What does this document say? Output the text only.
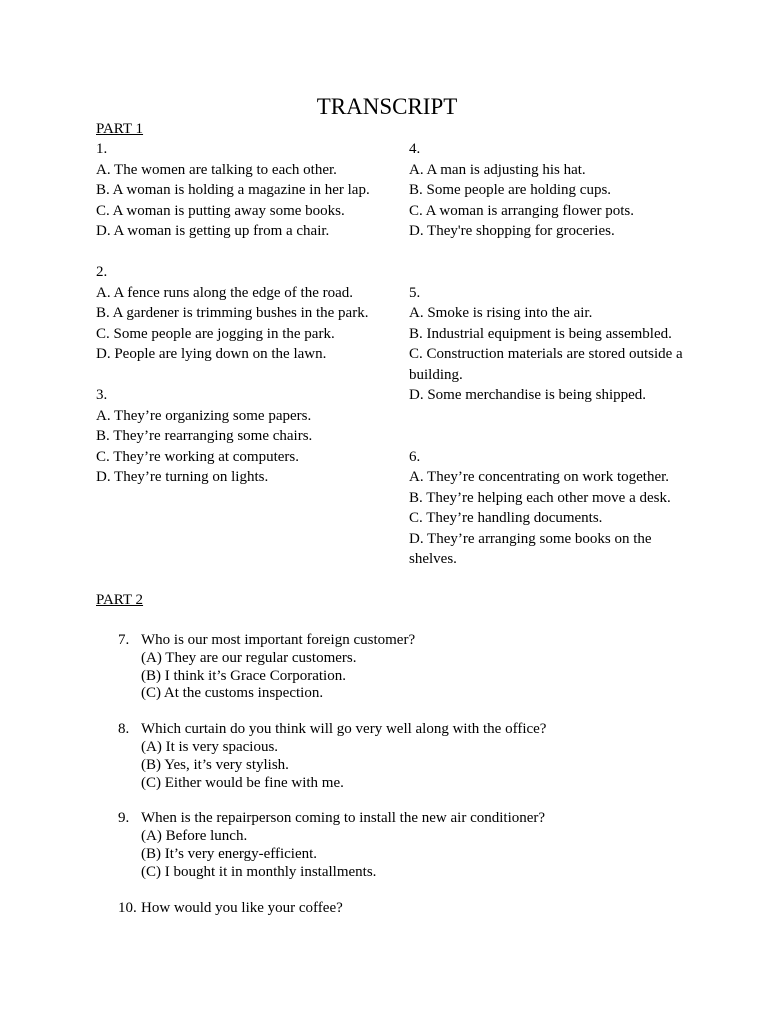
TRANSCRIPT
PART 1
1.
A. The women are talking to each other.
B. A woman is holding a magazine in her lap.
C. A woman is putting away some books.
D. A woman is getting up from a chair.
2.
A. A fence runs along the edge of the road.
B. A gardener is trimming bushes in the park.
C. Some people are jogging in the park.
D. People are lying down on the lawn.
3.
A. They’re organizing some papers.
B. They’re rearranging some chairs.
C. They’re working at computers.
D. They’re turning on lights.
4.
A. A man is adjusting his hat.
B. Some people are holding cups.
C. A woman is arranging flower pots.
D. They're shopping for groceries.
5.
A. Smoke is rising into the air.
B. Industrial equipment is being assembled.
C. Construction materials are stored outside a building.
D. Some merchandise is being shipped.
6.
A. They’re concentrating on work together.
B. They’re helping each other move a desk.
C. They’re handling documents.
D. They’re arranging some books on the shelves.
PART 2
7. Who is our most important foreign customer?
(A) They are our regular customers.
(B) I think it’s Grace Corporation.
(C) At the customs inspection.
8. Which curtain do you think will go very well along with the office?
(A) It is very spacious.
(B) Yes, it’s very stylish.
(C) Either would be fine with me.
9. When is the repairperson coming to install the new air conditioner?
(A) Before lunch.
(B) It’s very energy-efficient.
(C) I bought it in monthly installments.
10. How would you like your coffee?
